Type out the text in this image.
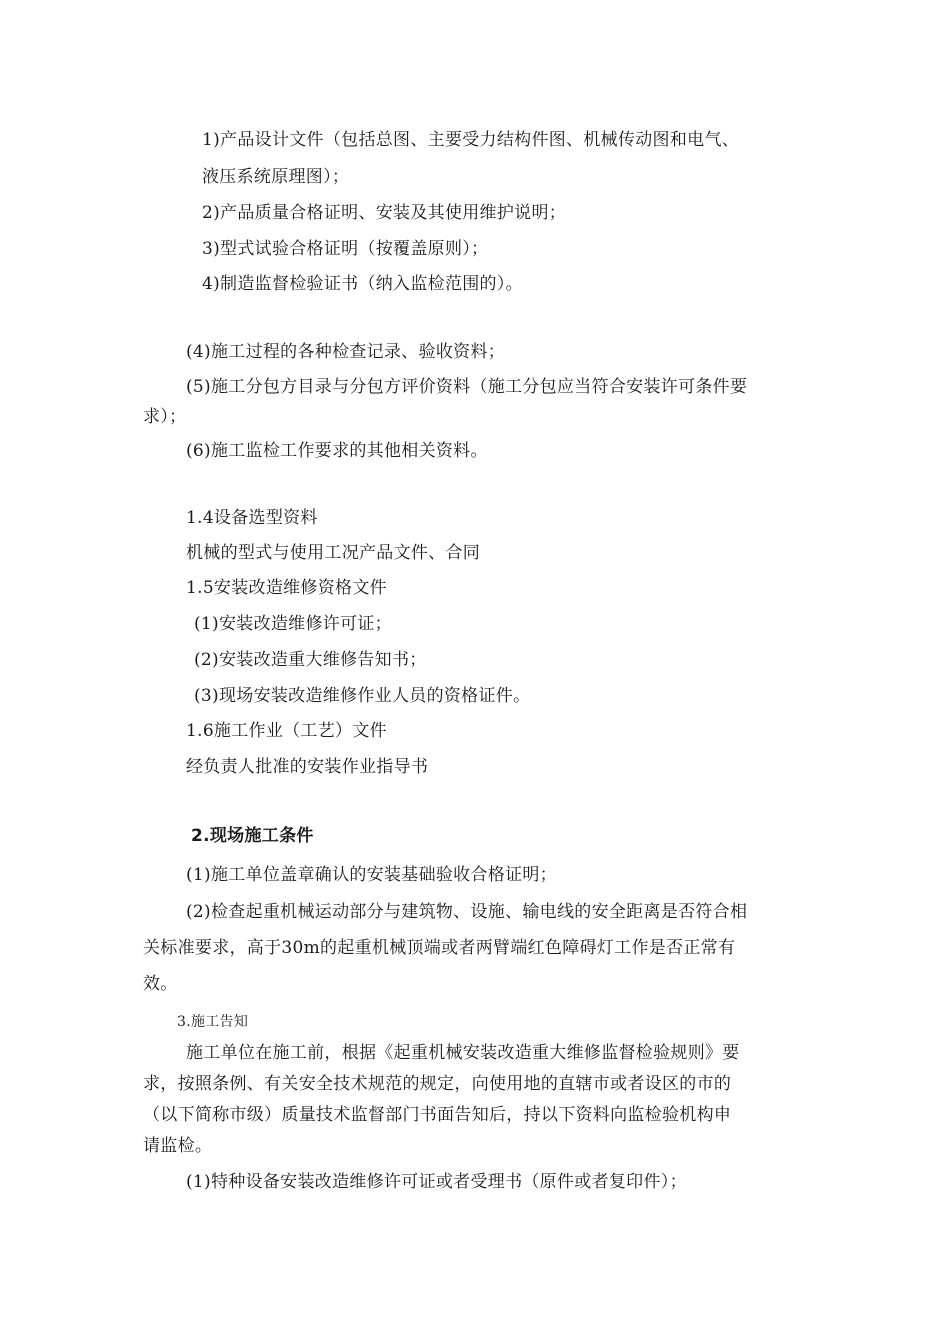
1)产品设计文件（包括总图、主要受力结构件图、机械传动图和电气、
液压系统原理图）；
2)产品质量合格证明、安装及其使用维护说明；
3)型式试验合格证明（按覆盖原则）；
4)制造监督检验证书（纳入监检范围的）。
(4)施工过程的各种检查记录、验收资料；
(5)施工分包方目录与分包方评价资料（施工分包应当符合安装许可条件要
求）；
(6)施工监检工作要求的其他相关资料。
1.4设备选型资料
机械的型式与使用工况产品文件、合同
1.5安装改造维修资格文件
(1)安装改造维修许可证；
(2)安装改造重大维修告知书；
(3)现场安装改造维修作业人员的资格证件。
1.6施工作业（工艺）文件
经负责人批准的安装作业指导书
2.现场施工条件
(1)施工单位盖章确认的安装基础验收合格证明；
(2)检查起重机械运动部分与建筑物、设施、输电线的安全距离是否符合相
关标准要求，高于30m的起重机械顶端或者两臂端红色障碍灯工作是否正常有
效。
3.施工告知
施工单位在施工前，根据《起重机械安装改造重大维修监督检验规则》要
求，按照条例、有关安全技术规范的规定，向使用地的直辖市或者设区的市的
（以下简称市级）质量技术监督部门书面告知后，持以下资料向监检验机构申
请监检。
(1)特种设备安装改造维修许可证或者受理书（原件或者复印件）；
